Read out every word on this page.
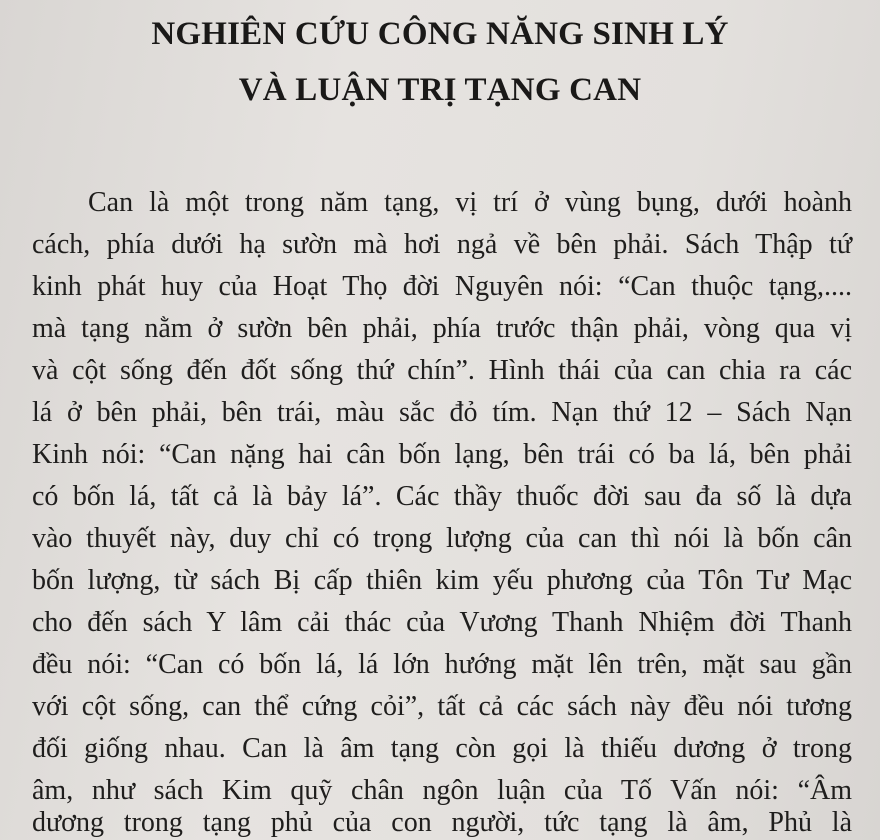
NGHIÊN CỨU CÔNG NĂNG SINH LÝ
VÀ LUẬN TRỊ TẠNG CAN
Can là một trong năm tạng, vị trí ở vùng bụng, dưới hoành
cách, phía dưới hạ sườn mà hơi ngả về bên phải. Sách Thập tứ
kinh phát huy của Hoạt Thọ đời Nguyên nói: “Can thuộc tạng,....
mà tạng nằm ở sườn bên phải, phía trước thận phải, vòng qua vị
và cột sống đến đốt sống thứ chín”. Hình thái của can chia ra các
lá ở bên phải, bên trái, màu sắc đỏ tím. Nạn thứ 12 – Sách Nạn
Kinh nói: “Can nặng hai cân bốn lạng, bên trái có ba lá, bên phải
có bốn lá, tất cả là bảy lá”. Các thầy thuốc đời sau đa số là dựa
vào thuyết này, duy chỉ có trọng lượng của can thì nói là bốn cân
bốn lượng, từ sách Bị cấp thiên kim yếu phương của Tôn Tư Mạc
cho đến sách Y lâm cải thác của Vương Thanh Nhiệm đời Thanh
đều nói: “Can có bốn lá, lá lớn hướng mặt lên trên, mặt sau gần
với cột sống, can thể cứng cỏi”, tất cả các sách này đều nói tương
đối giống nhau. Can là âm tạng còn gọi là thiếu dương ở trong
âm, như sách Kim quỹ chân ngôn luận của Tố Vấn nói: “Âm
dương trong tạng phủ của con người, tức tạng là âm, Phủ là
